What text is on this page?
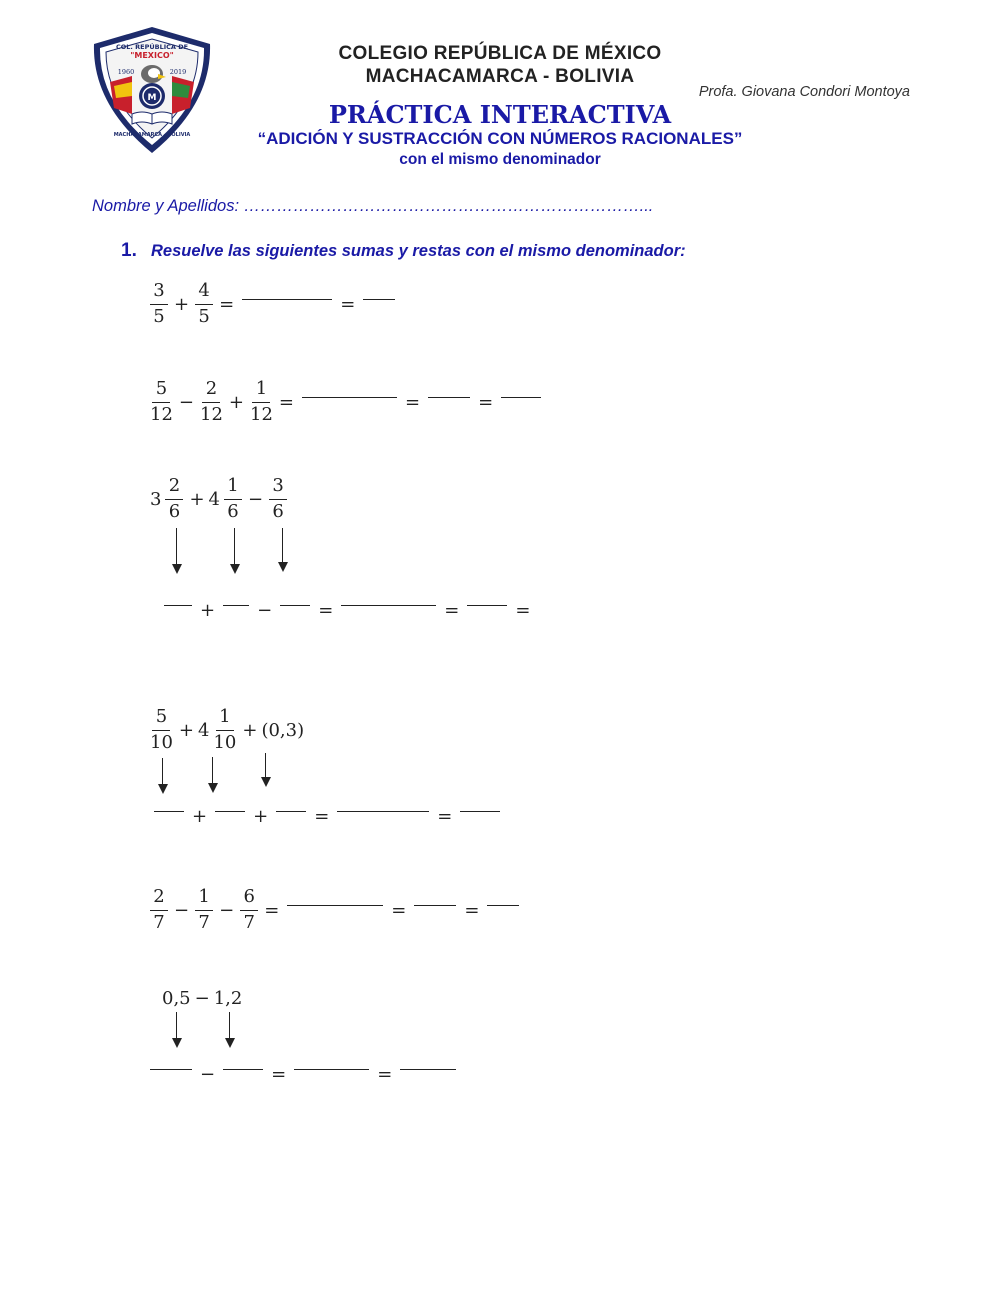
COL. REPÚBLICA DE
"MEXICO"
1960	2019
M
MACHACAMARCA - BOLIVIA
COLEGIO REPÚBLICA DE MÉXICO
MACHACAMARCA - BOLIVIA
Profa. Giovana Condori Montoya
PRÁCTICA INTERACTIVA
“ADICIÓN Y SUSTRACCIÓN CON NÚMEROS RACIONALES”
con el mismo denominador
Nombre y Apellidos: ………………………………………………………………...
1. Resuelve las siguientes sumas y restas con el mismo denominador:
$\frac{3}{5} + \frac{4}{5}$ =	=
$\frac{5}{12} - \frac{2}{12} + \frac{1}{12}$ =	=	=
$3 \frac{2}{6} + 4 \frac{1}{6} - \frac{3}{6}$
+ −	=	=	=
$\frac{5}{10} + 4 \frac{1}{10} + (0,3)$
+	+	=	=
$\frac{2}{7} - \frac{1}{7} - \frac{6}{7}$ =	=	=
0,5 − 1,2
−	=	=
